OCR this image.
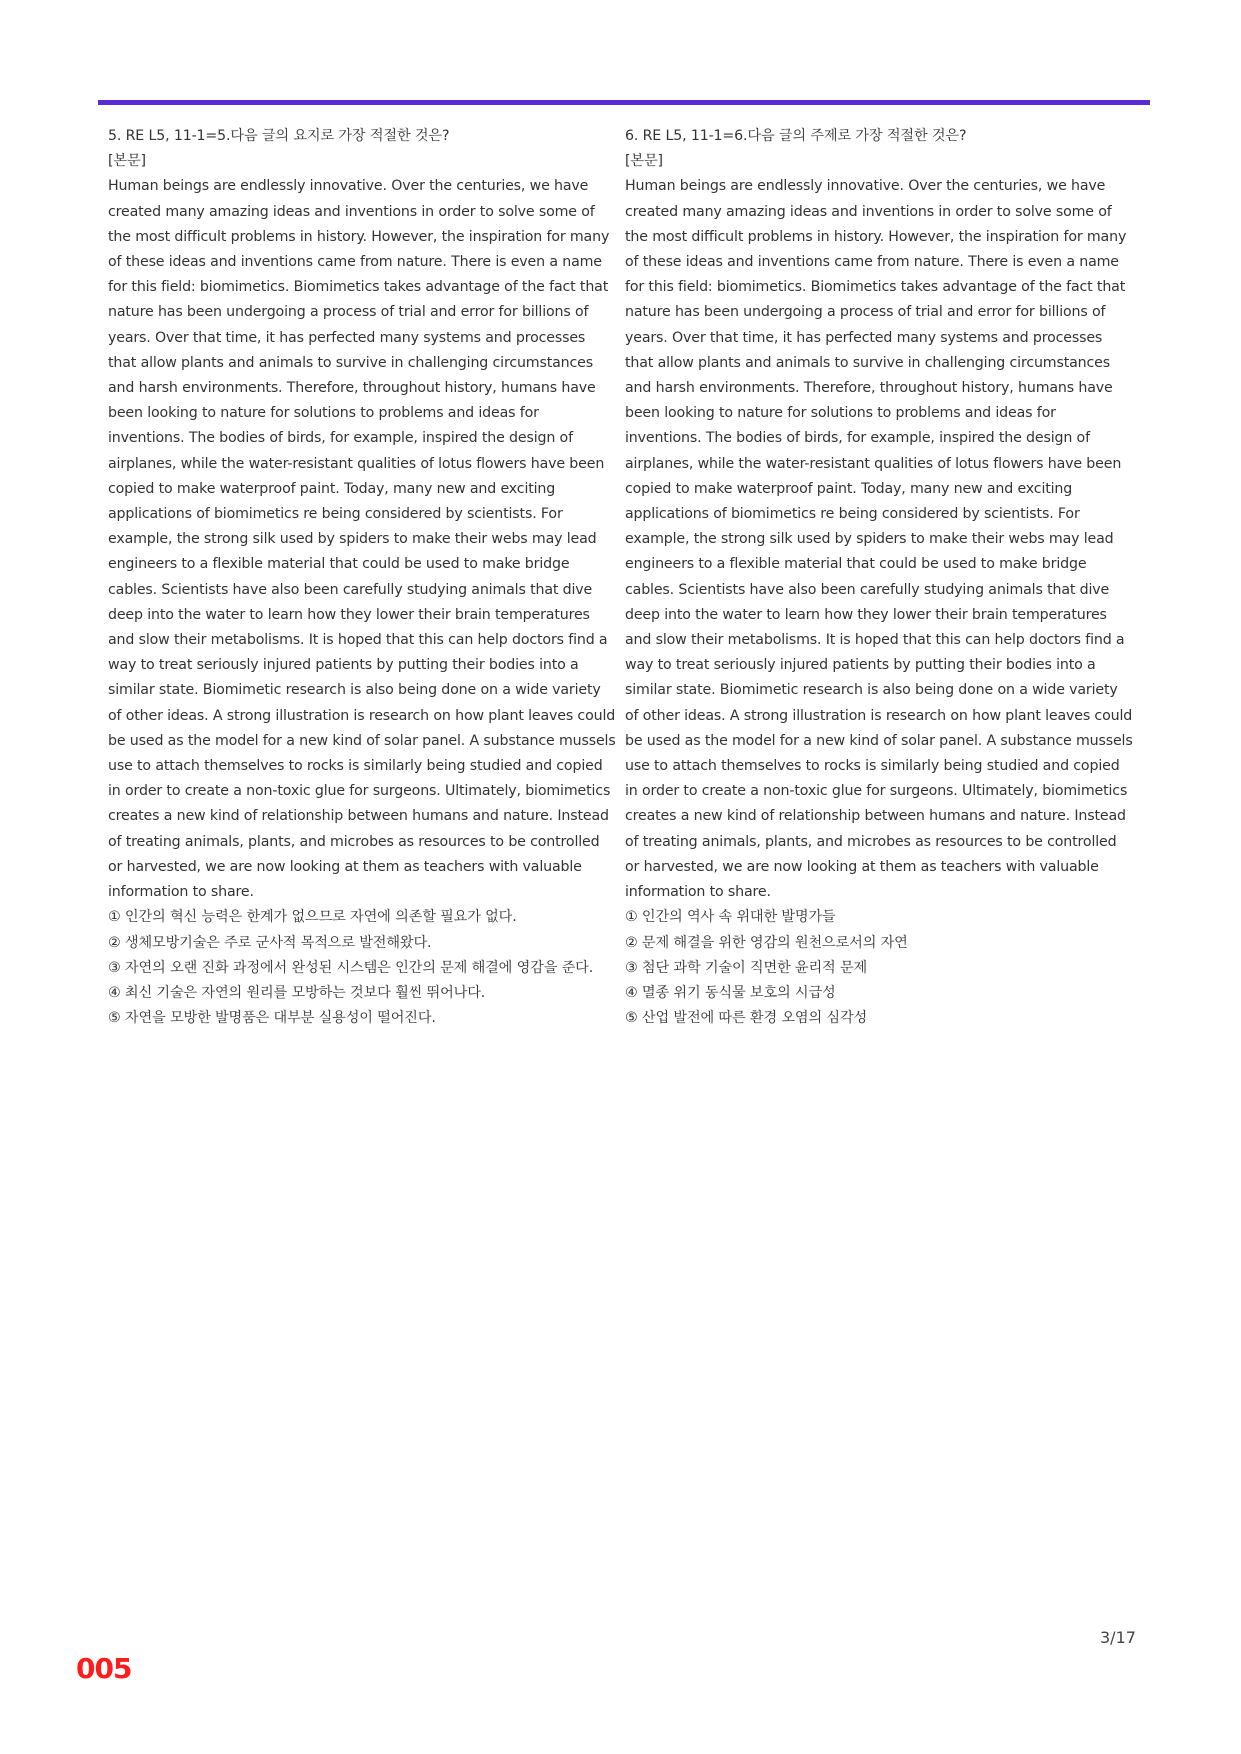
5. RE L5, 11-1=5.다음 글의 요지로 가장 적절한 것은?

[본문]

Human beings are endlessly innovative. Over the centuries, we have created many amazing ideas and inventions in order to solve some of the most difficult problems in history. However, the inspiration for many of these ideas and inventions came from nature. There is even a name for this field: biomimetics. Biomimetics takes advantage of the fact that nature has been undergoing a process of trial and error for billions of years. Over that time, it has perfected many systems and processes that allow plants and animals to survive in challenging circumstances and harsh environments. Therefore, throughout history, humans have been looking to nature for solutions to problems and ideas for inventions. The bodies of birds, for example, inspired the design of airplanes, while the water-resistant qualities of lotus flowers have been copied to make waterproof paint. Today, many new and exciting applications of biomimetics re being considered by scientists. For example, the strong silk used by spiders to make their webs may lead engineers to a flexible material that could be used to make bridge cables. Scientists have also been carefully studying animals that dive deep into the water to learn how they lower their brain temperatures and slow their metabolisms. It is hoped that this can help doctors find a way to treat seriously injured patients by putting their bodies into a similar state. Biomimetic research is also being done on a wide variety of other ideas. A strong illustration is research on how plant leaves could be used as the model for a new kind of solar panel. A substance mussels use to attach themselves to rocks is similarly being studied and copied in order to create a non-toxic glue for surgeons. Ultimately, biomimetics creates a new kind of relationship between humans and nature. Instead of treating animals, plants, and microbes as resources to be controlled or harvested, we are now looking at them as teachers with valuable information to share.

① 인간의 혁신 능력은 한계가 없으므로 자연에 의존할 필요가 없다.

② 생체모방기술은 주로 군사적 목적으로 발전해왔다.

③ 자연의 오랜 진화 과정에서 완성된 시스템은 인간의 문제 해결에 영감을 준다.

④ 최신 기술은 자연의 원리를 모방하는 것보다 훨씬 뛰어나다.

⑤ 자연을 모방한 발명품은 대부분 실용성이 떨어진다.

6. RE L5, 11-1=6.다음 글의 주제로 가장 적절한 것은?

[본문]

Human beings are endlessly innovative. Over the centuries, we have created many amazing ideas and inventions in order to solve some of the most difficult problems in history. However, the inspiration for many of these ideas and inventions came from nature. There is even a name for this field: biomimetics. Biomimetics takes advantage of the fact that nature has been undergoing a process of trial and error for billions of years. Over that time, it has perfected many systems and processes that allow plants and animals to survive in challenging circumstances and harsh environments. Therefore, throughout history, humans have been looking to nature for solutions to problems and ideas for inventions. The bodies of birds, for example, inspired the design of airplanes, while the water-resistant qualities of lotus flowers have been copied to make waterproof paint. Today, many new and exciting applications of biomimetics re being considered by scientists. For example, the strong silk used by spiders to make their webs may lead engineers to a flexible material that could be used to make bridge cables. Scientists have also been carefully studying animals that dive deep into the water to learn how they lower their brain temperatures and slow their metabolisms. It is hoped that this can help doctors find a way to treat seriously injured patients by putting their bodies into a similar state. Biomimetic research is also being done on a wide variety of other ideas. A strong illustration is research on how plant leaves could be used as the model for a new kind of solar panel. A substance mussels use to attach themselves to rocks is similarly being studied and copied in order to create a non-toxic glue for surgeons. Ultimately, biomimetics creates a new kind of relationship between humans and nature. Instead of treating animals, plants, and microbes as resources to be controlled or harvested, we are now looking at them as teachers with valuable information to share.

① 인간의 역사 속 위대한 발명가들

② 문제 해결을 위한 영감의 원천으로서의 자연

③ 첨단 과학 기술이 직면한 윤리적 문제

④ 멸종 위기 동식물 보호의 시급성

⑤ 산업 발전에 따른 환경 오염의 심각성

3/17
005
